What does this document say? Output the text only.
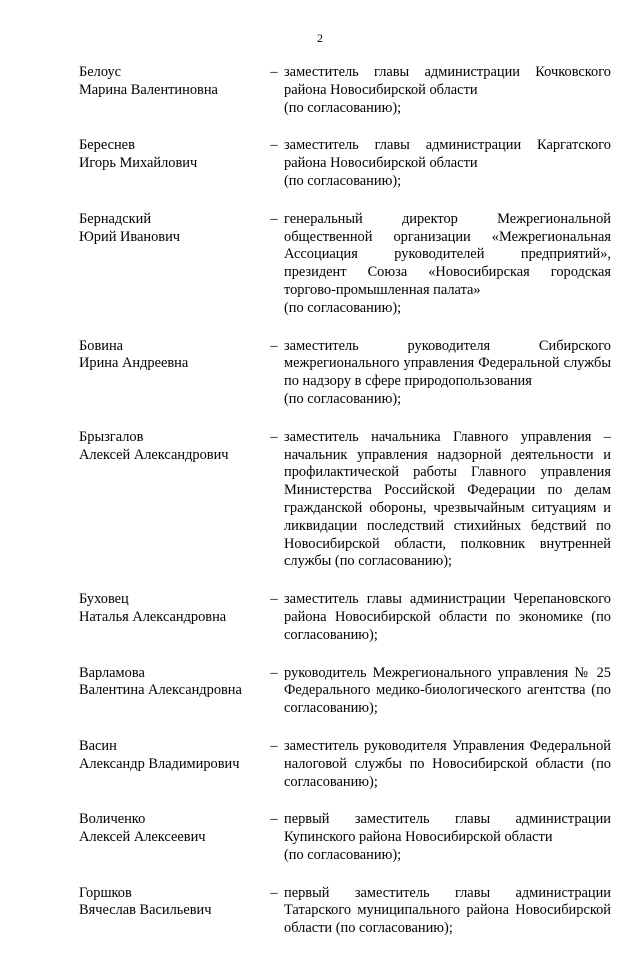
2
Белоус
Марина Валентиновна
– заместитель главы администрации Кочковского района Новосибирской области
(по согласованию);
Береснев
Игорь Михайлович
– заместитель главы администрации Каргатского района Новосибирской области
(по согласованию);
Бернадский
Юрий Иванович
– генеральный директор Межрегиональной общественной организации «Межрегиональная Ассоциация руководителей предприятий», президент Союза «Новосибирская городская торгово-промышленная палата»
(по согласованию);
Бовина
Ирина Андреевна
– заместитель руководителя Сибирского межрегионального управления Федеральной службы по надзору в сфере природопользования
(по согласованию);
Брызгалов
Алексей Александрович
– заместитель начальника Главного управления – начальник управления надзорной деятельности и профилактической работы Главного управления Министерства Российской Федерации по делам гражданской обороны, чрезвычайным ситуациям и ликвидации последствий стихийных бедствий по Новосибирской области, полковник внутренней службы (по согласованию);
Буховец
Наталья Александровна
– заместитель главы администрации Черепановского района Новосибирской области по экономике (по согласованию);
Варламова
Валентина Александровна
– руководитель Межрегионального управления № 25 Федерального медико-биологического агентства (по согласованию);
Васин
Александр Владимирович
– заместитель руководителя Управления Федеральной налоговой службы по Новосибирской области (по согласованию);
Воличенко
Алексей Алексеевич
– первый заместитель главы администрации Купинского района Новосибирской области
(по согласованию);
Горшков
Вячеслав Васильевич
– первый заместитель главы администрации Татарского муниципального района Новосибирской области (по согласованию);
